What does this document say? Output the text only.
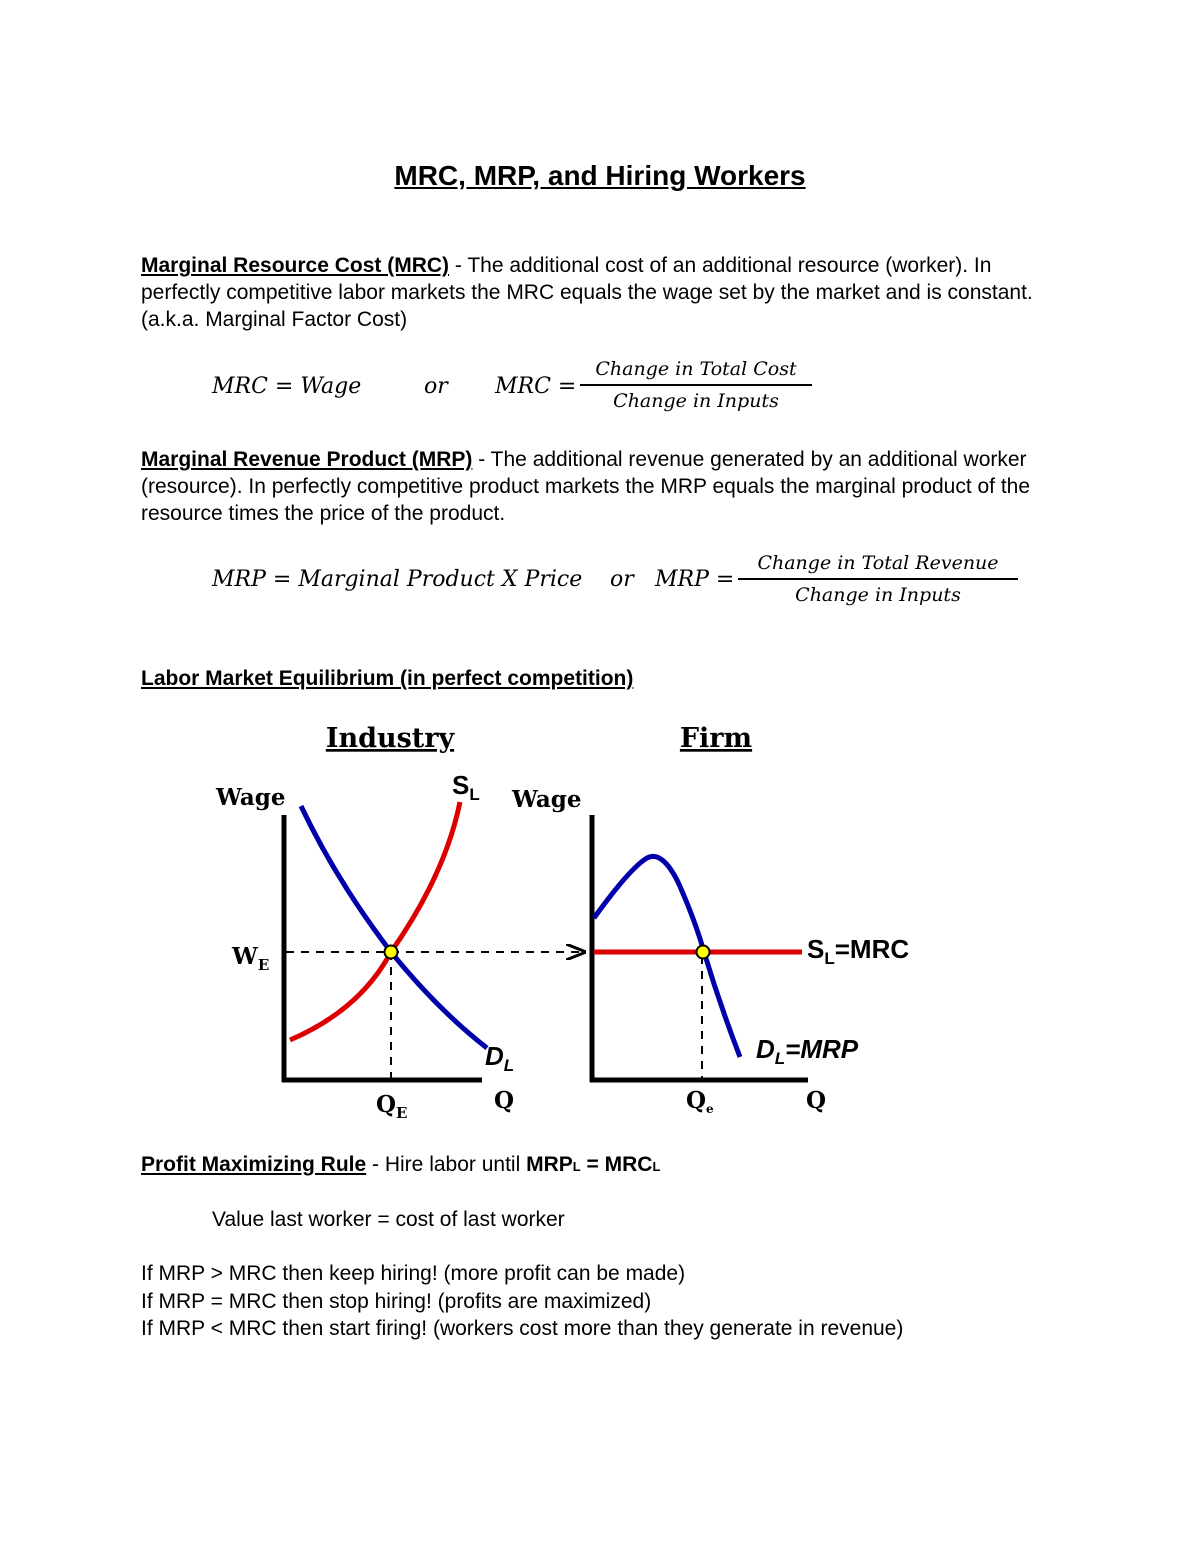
MRC, MRP, and Hiring Workers
Marginal Resource Cost (MRC) - The additional cost of an additional resource (worker). In perfectly competitive labor markets the MRC equals the wage set by the market and is constant. (a.k.a. Marginal Factor Cost)
MRC = Wage	or MRC =
Change in Total Cost
Change in Inputs
Marginal Revenue Product (MRP) - The additional revenue generated by an additional worker (resource). In perfectly competitive product markets the MRP equals the marginal product of the resource times the price of the product.
MRP = Marginal Product X Price or MRP =
Change in Total Revenue
Change in Inputs
Labor Market Equilibrium (in perfect competition)
Industry	Firm
Wage	$S_L$
$D_L$
$W_E$
$Q_E$	Q
Wage
$S_L=MRC$
$D_L=MRP$
$Q_e$	Q
Profit Maximizing Rule - Hire labor until MRPL = MRCL
Value last worker = cost of last worker
If MRP > MRC then keep hiring! (more profit can be made)
If MRP = MRC then stop hiring! (profits are maximized)
If MRP < MRC then start firing! (workers cost more than they generate in revenue)
